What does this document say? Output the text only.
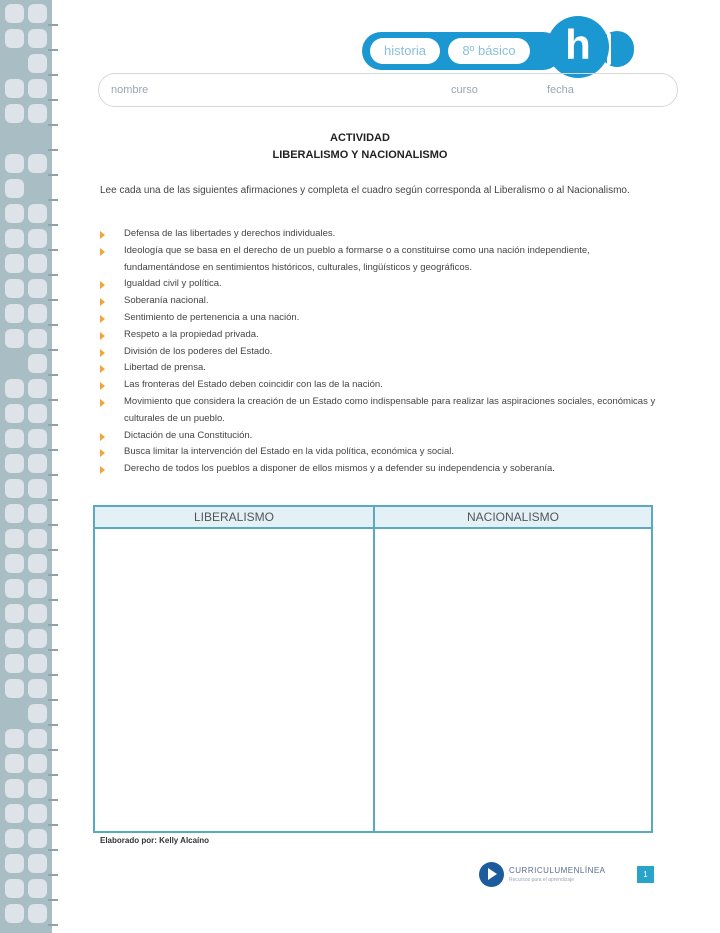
historia	8º básico	h
nombre	curso	fecha
ACTIVIDAD
LIBERALISMO Y NACIONALISMO
Lee cada una de las siguientes afirmaciones y completa el cuadro según corresponda al Liberalismo o al Nacionalismo.
Defensa de las libertades y derechos individuales.
Ideología que se basa en el derecho de un pueblo a formarse o a constituirse como una nación independiente, fundamentándose en sentimientos históricos, culturales, lingüísticos y geográficos.
Igualdad civil y política.
Soberanía nacional.
Sentimiento de pertenencia a una nación.
Respeto a la propiedad privada.
División de los poderes del Estado.
Libertad de prensa.
Las fronteras del Estado deben coincidir con las de la nación.
Movimiento que considera la creación de un Estado como indispensable para realizar las aspiraciones sociales, económicas y culturales de un pueblo.
Dictación de una Constitución.
Busca limitar la intervención del Estado en la vida política, económica y social.
Derecho de todos los pueblos a disponer de ellos mismos y a defender su independencia y soberanía.
LIBERALISMO	NACIONALISMO
Elaborado por: Kelly Alcaíno
CURRICULUMENLÍNEA
Recursos para el aprendizaje
1
